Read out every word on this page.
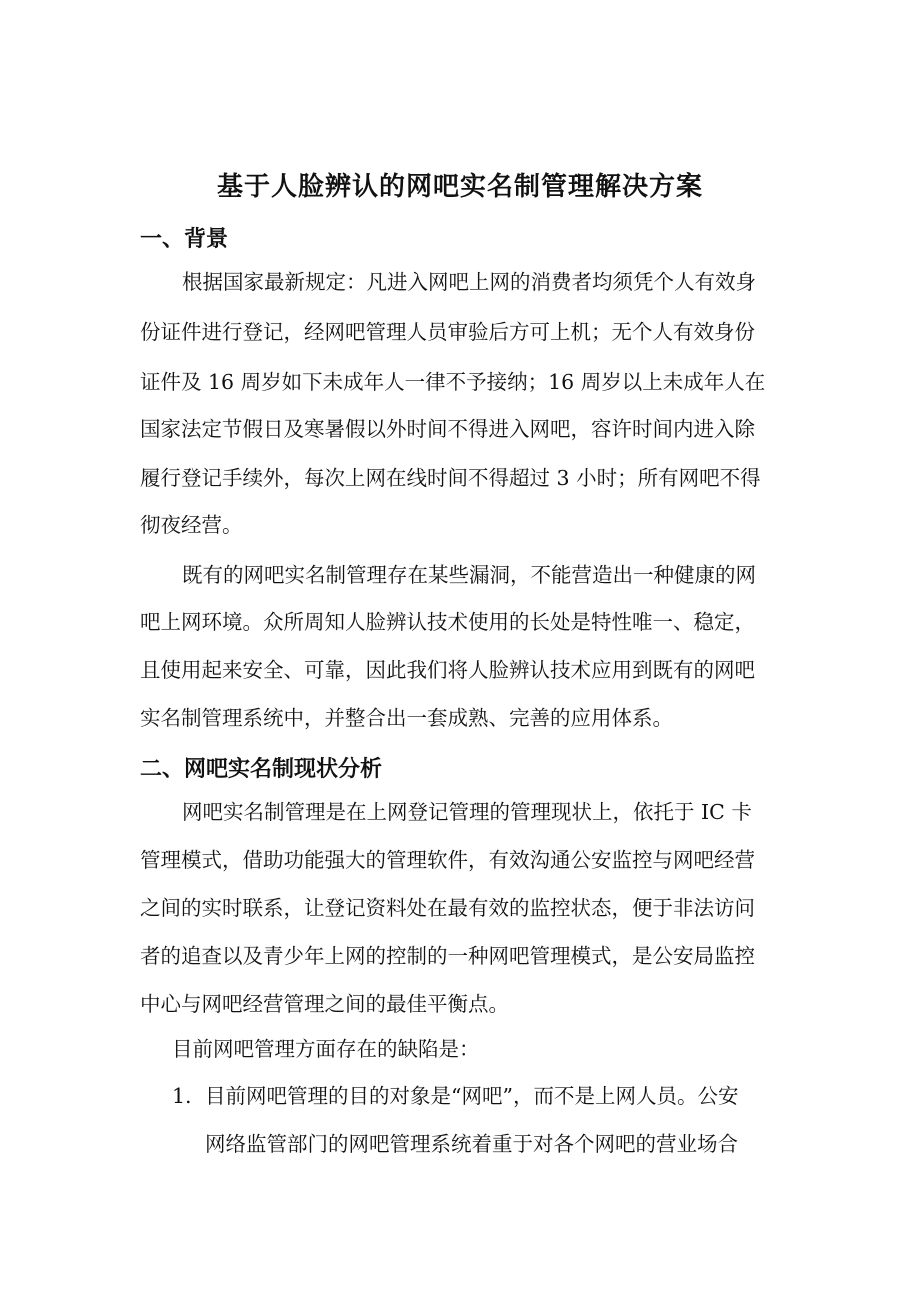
基于人脸辨认的网吧实名制管理解决方案
一、背景

根据国家最新规定：凡进入网吧上网的消费者均须凭个人有效身

份证件进行登记，经网吧管理人员审验后方可上机；无个人有效身份

证件及 16 周岁如下未成年人一律不予接纳；16 周岁以上未成年人在

国家法定节假日及寒暑假以外时间不得进入网吧，容许时间内进入除

履行登记手续外，每次上网在线时间不得超过 3 小时；所有网吧不得

彻夜经营。

既有的网吧实名制管理存在某些漏洞，不能营造出一种健康的网

吧上网环境。众所周知人脸辨认技术使用的长处是特性唯一、稳定，

且使用起来安全、可靠，因此我们将人脸辨认技术应用到既有的网吧

实名制管理系统中，并整合出一套成熟、完善的应用体系。

二、网吧实名制现状分析

网吧实名制管理是在上网登记管理的管理现状上，依托于 IC 卡

管理模式，借助功能强大的管理软件，有效沟通公安监控与网吧经营

之间的实时联系，让登记资料处在最有效的监控状态，便于非法访问

者的追查以及青少年上网的控制的一种网吧管理模式，是公安局监控

中心与网吧经营管理之间的最佳平衡点。

目前网吧管理方面存在的缺陷是：

1. 目前网吧管理的目的对象是“网吧”，而不是上网人员。公安

网络监管部门的网吧管理系统着重于对各个网吧的营业场合
